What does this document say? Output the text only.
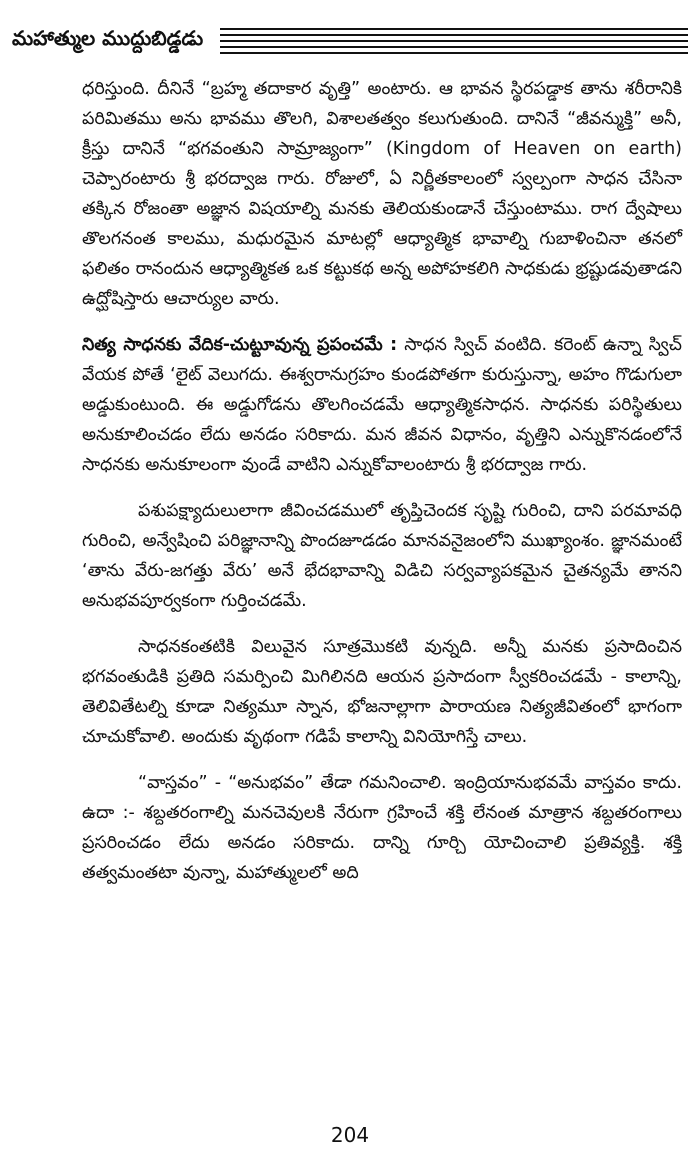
మహాత్ముల ముద్దుబిడ్డడు

ధరిస్తుంది. దీనినే “బ్రహ్మ తదాకార వృత్తి” అంటారు. ఆ భావన స్థిరపడ్డాక తాను శరీరానికి పరిమితము అను భావము తొలగి, విశాలతత్వం కలుగుతుంది. దానినే “జీవన్ముక్తి” అనీ, క్రీస్తు దానినే “భగవంతుని సామ్రాజ్యంగా” (Kingdom of Heaven on earth) చెప్పారంటారు శ్రీ భరద్వాజ గారు. రోజులో, ఏ నిర్ణీతకాలంలో స్వల్పంగా సాధన చేసినా తక్కిన రోజంతా అజ్ఞాన విషయాల్ని మనకు తెలియకుండానే చేస్తుంటాము. రాగ ద్వేషాలు తొలగనంత కాలము, మధురమైన మాటల్లో ఆధ్యాత్మిక భావాల్ని గుబాళించినా తనలో ఫలితం రానందున ఆధ్యాత్మికత ఒక కట్టుకథ అన్న అపోహకలిగి సాధకుడు భ్రష్టుడవుతాడని ఉద్ఘోషిస్తారు ఆచార్యుల వారు.

నిత్య సాధనకు వేదిక-చుట్టూవున్న ప్రపంచమే : సాధన స్విచ్ వంటిది. కరెంట్ ఉన్నా స్విచ్ వేయక పోతే ‘లైట్ వెలుగదు. ఈశ్వరానుగ్రహం కుండపోతగా కురుస్తున్నా, అహం గొడుగులా అడ్డుకుంటుంది. ఈ అడ్డుగోడను తొలగించడమే ఆధ్యాత్మికసాధన. సాధనకు పరిస్థితులు అనుకూలించడం లేదు అనడం సరికాదు. మన జీవన విధానం, వృత్తిని ఎన్నుకొనడంలోనే సాధనకు అనుకూలంగా వుండే వాటిని ఎన్నుకోవాలంటారు శ్రీ భరద్వాజ గారు.

పశుపక్ష్యాదులులాగా జీవించడములో తృప్తిచెందక సృష్టి గురించి, దాని పరమావధి గురించి, అన్వేషించి పరిజ్ఞానాన్ని పొందజూడడం మానవనైజంలోని ముఖ్యాంశం. జ్ఞానమంటే ‘తాను వేరు-జగత్తు వేరు’ అనే భేదభావాన్ని విడిచి సర్వవ్యాపకమైన చైతన్యమే తానని అనుభవపూర్వకంగా గుర్తించడమే.

సాధనకంతటికి విలువైన సూత్రమొకటి వున్నది. అన్నీ మనకు ప్రసాదించిన భగవంతుడికి ప్రతిది సమర్పించి మిగిలినది ఆయన ప్రసాదంగా స్వీకరించడమే - కాలాన్ని, తెలివితేటల్ని కూడా నిత్యమూ స్నాన, భోజనాల్లాగా పారాయణ నిత్యజీవితంలో భాగంగా చూచుకోవాలి. అందుకు వృథంగా గడిపే కాలాన్ని వినియోగిస్తే చాలు.

“వాస్తవం” - “అనుభవం” తేడా గమనించాలి. ఇంద్రియానుభవమే వాస్తవం కాదు. ఉదా :- శబ్దతరంగాల్ని మనచెవులకి నేరుగా గ్రహించే శక్తి లేనంత మాత్రాన శబ్దతరంగాలు ప్రసరించడం లేదు అనడం సరికాదు. దాన్ని గూర్చి యోచించాలి ప్రతివ్యక్తి. శక్తి తత్వమంతటా వున్నా, మహాత్ములలో అది

204
